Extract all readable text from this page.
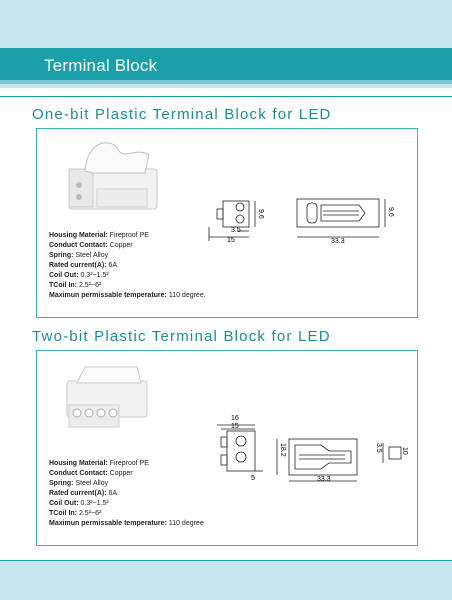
Terminal Block
One-bit Plastic Terminal Block for LED
3.5
15
9.6
33.3
9.6
Housing Material: Fireproof PE
Conduct Contact: Copper
Spring: Steel Alloy
Rated current(A): 6A
Coil Out: 0.3²~1.5²
TCoil In: 2.5²~6²
Maximun permissable temperature: 110 degree.
Two-bit Plastic Terminal Block for LED
16
15
5
18.2
33.3
3.5	10
Housing Material: Fireproof PE
Conduct Contact: Copper
Spring: Steel Alloy
Rated current(A): 6A
Coil Out: 0.3²~1.5²
TCoil In: 2.5²~6²
Maximun permissable temperature: 110 degree
